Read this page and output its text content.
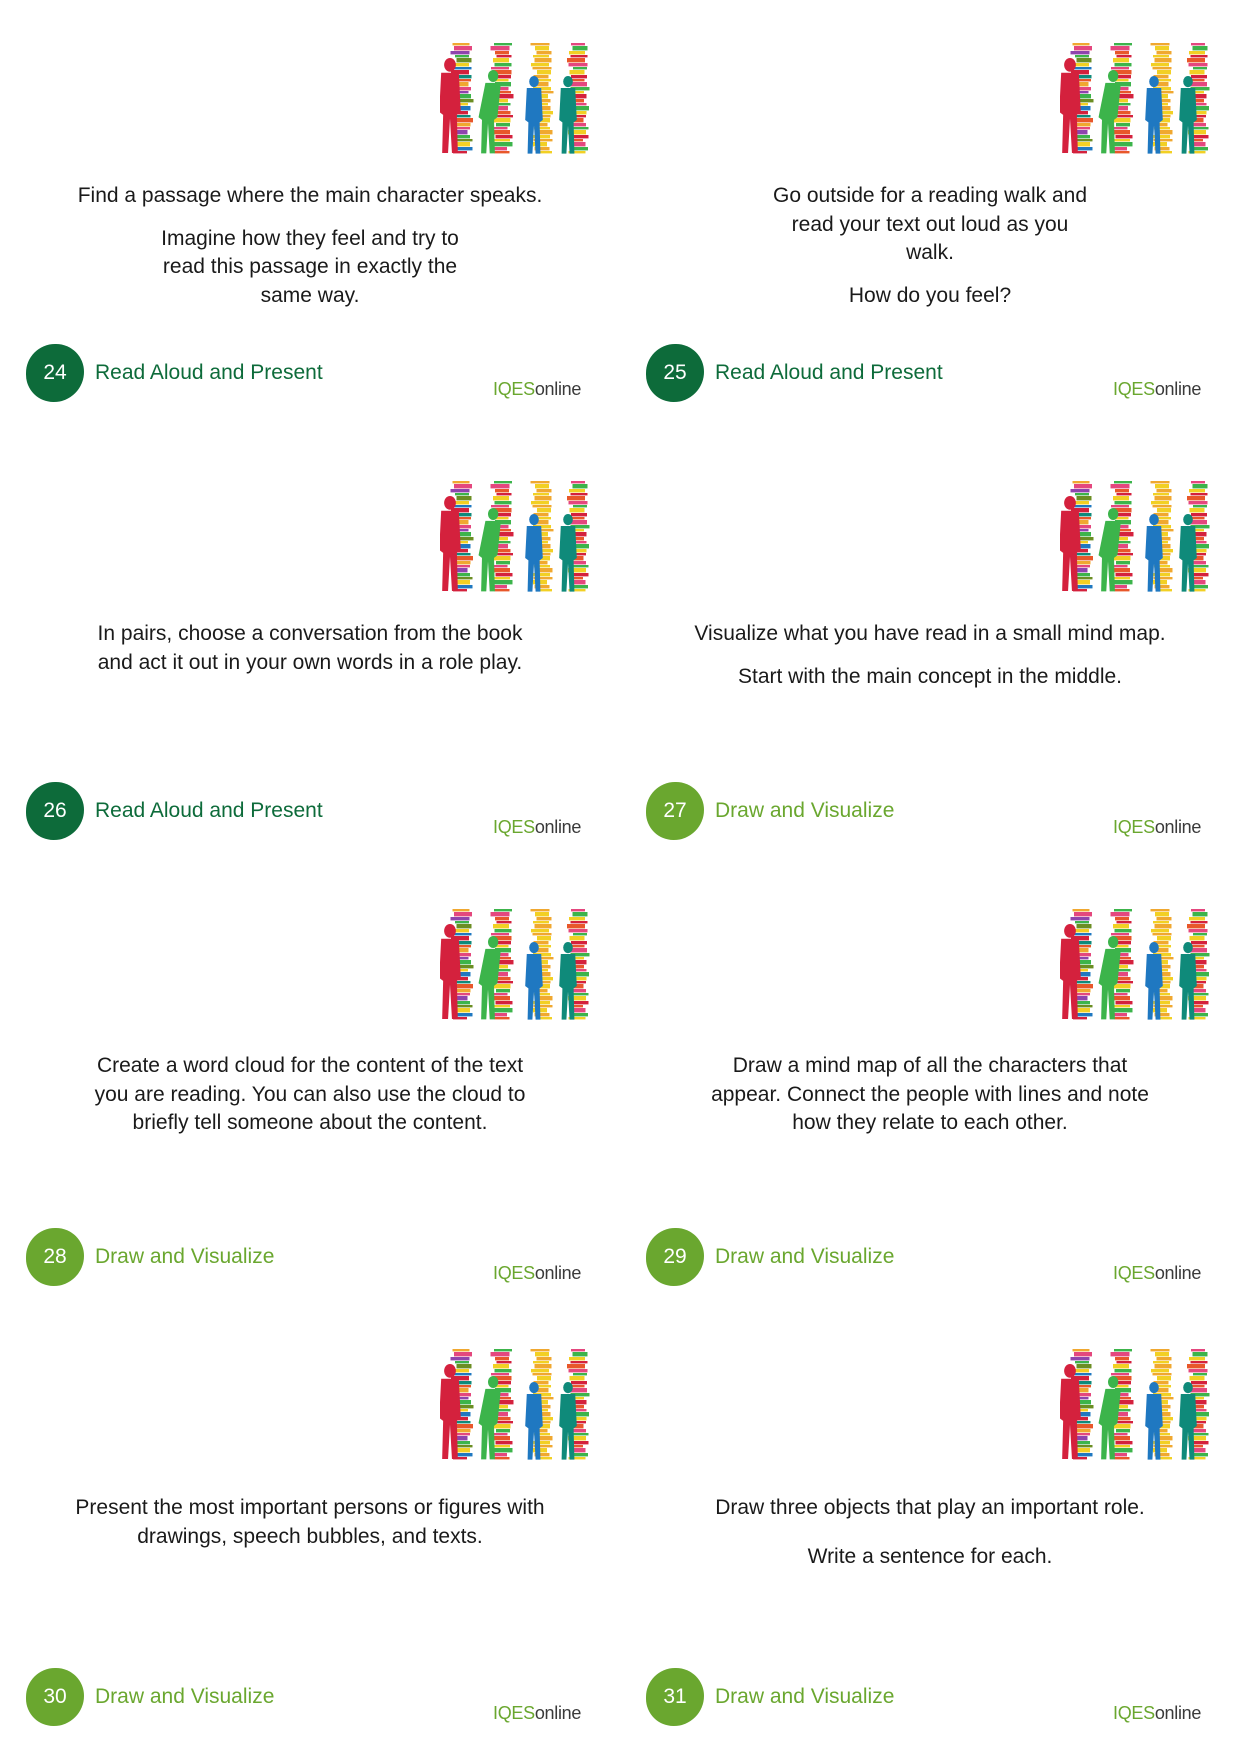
Find a passage where the main character speaks.

Imagine how they feel and try to read this passage in exactly the same way.

24	Read Aloud and Present
IQESonline

Go outside for a reading walk and read your text out loud as you walk.

How do you feel?

25	Read Aloud and Present
IQESonline

In pairs, choose a conversation from the book and act it out in your own words in a role play.

26	Read Aloud and Present
IQESonline

Visualize what you have read in a small mind map.

Start with the main concept in the middle.

27	Draw and Visualize
IQESonline

Create a word cloud for the content of the text you are reading. You can also use the cloud to briefly tell someone about the content.

28	Draw and Visualize
IQESonline

Draw a mind map of all the characters that appear. Connect the people with lines and note how they relate to each other.

29	Draw and Visualize
IQESonline

Present the most important persons or figures with drawings, speech bubbles, and texts.

30	Draw and Visualize
IQESonline

Draw three objects that play an important role.

Write a sentence for each.

31	Draw and Visualize
IQESonline
